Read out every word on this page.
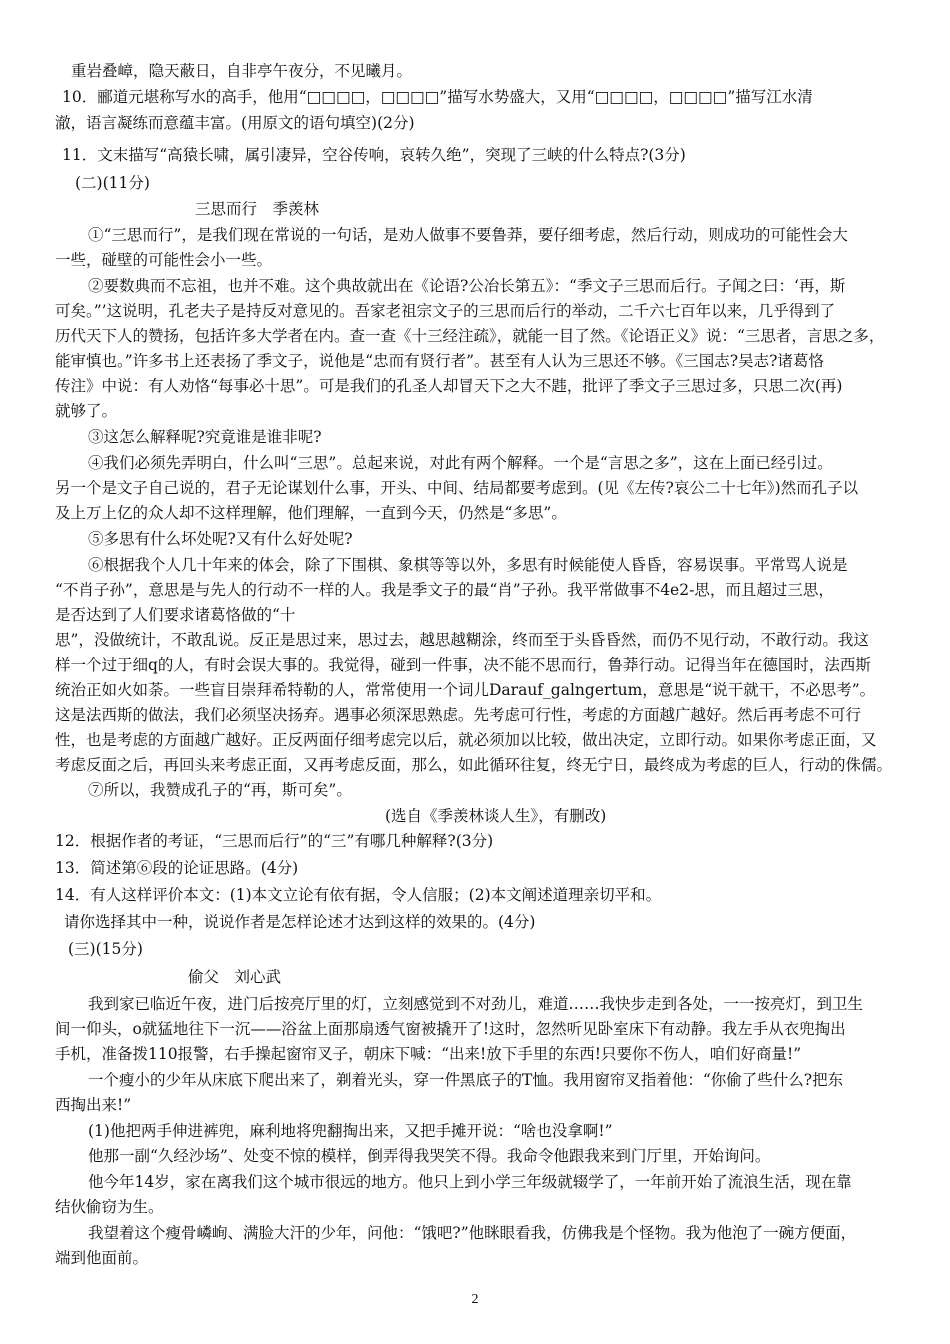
重岩叠嶂，隐天蔽日，自非亭午夜分，不见曦月。
10．郦道元堪称写水的高手，他用“□□□□，□□□□”描写水势盛大，又用“□□□□，□□□□”描写江水清
澈，语言凝练而意蕴丰富。(用原文的语句填空)(2分)
11．文末描写“高猿长啸，属引凄异，空谷传响，哀转久绝”，突现了三峡的什么特点?(3分)
(二)(11分)
三思而行　季羡林
①“三思而行”，是我们现在常说的一句话，是劝人做事不要鲁莽，要仔细考虑，然后行动，则成功的可能性会大
一些，碰壁的可能性会小一些。
②要数典而不忘祖，也并不难。这个典故就出在《论语?公冶长第五》：“季文子三思而后行。子闻之曰：‘再，斯
可矣。”’这说明，孔老夫子是持反对意见的。吾家老祖宗文子的三思而后行的举动，二千六七百年以来，几乎得到了
历代天下人的赞扬，包括许多大学者在内。查一查《十三经注疏》，就能一目了然。《论语正义》说：“三思者，言思之多，
能审慎也。”许多书上还表扬了季文子，说他是“忠而有贤行者”。甚至有人认为三思还不够。《三国志?吴志?诸葛恪
传注》中说：有人劝恪“每事必十思”。可是我们的孔圣人却冒天下之大不韪，批评了季文子三思过多，只思二次(再)
就够了。
③这怎么解释呢?究竟谁是谁非呢?
④我们必须先弄明白，什么叫“三思”。总起来说，对此有两个解释。一个是“言思之多”，这在上面已经引过。
另一个是文子自己说的，君子无论谋划什么事，开头、中间、结局都要考虑到。(见《左传?哀公二十七年》)然而孔子以
及上万上亿的众人却不这样理解，他们理解，一直到今天，仍然是“多思”。
⑤多思有什么坏处呢?又有什么好处呢?
⑥根据我个人几十年来的体会，除了下围棋、象棋等等以外，多思有时候能使人昏昏，容易误事。平常骂人说是
“不肖子孙”，意思是与先人的行动不一样的人。我是季文子的最“肖”子孙。我平常做事不4e2-思，而且超过三思，
是否达到了人们要求诸葛恪做的“十
思”，没做统计，不敢乱说。反正是思过来，思过去，越思越糊涂，终而至于头昏昏然，而仍不见行动，不敢行动。我这
样一个过于细q的人，有时会误大事的。我觉得，碰到一件事，决不能不思而行，鲁莽行动。记得当年在德国时，法西斯
统治正如火如荼。一些盲目崇拜希特勒的人，常常使用一个词儿Darauf_galngertum，意思是“说干就干，不必思考”。
这是法西斯的做法，我们必须坚决扬弃。遇事必须深思熟虑。先考虑可行性，考虑的方面越广越好。然后再考虑不可行
性，也是考虑的方面越广越好。正反两面仔细考虑完以后，就必须加以比较，做出决定，立即行动。如果你考虑正面，又
考虑反面之后，再回头来考虑正面，又再考虑反面，那么，如此循环往复，终无宁日，最终成为考虑的巨人，行动的侏儒。
⑦所以，我赞成孔子的“再，斯可矣”。
(选自《季羡林谈人生》，有删改)
12．根据作者的考证，“三思而后行”的“三”有哪几种解释?(3分)
13．简述第⑥段的论证思路。(4分)
14．有人这样评价本文：(1)本文立论有依有据，令人信服；(2)本文阐述道理亲切平和。
请你选择其中一种，说说作者是怎样论述才达到这样的效果的。(4分)
(三)(15分)
偷父　刘心武
我到家已临近午夜，进门后按亮厅里的灯，立刻感觉到不对劲儿，难道……我快步走到各处，一一按亮灯，到卫生
间一仰头，o就猛地往下一沉——浴盆上面那扇透气窗被撬开了!这时，忽然听见卧室床下有动静。我左手从衣兜掏出
手机，准备拨110报警，右手操起窗帘叉子，朝床下喊：“出来!放下手里的东西!只要你不伤人，咱们好商量!”
一个瘦小的少年从床底下爬出来了，剃着光头，穿一件黑底子的T恤。我用窗帘叉指着他：“你偷了些什么?把东
西掏出来!”
(1)他把两手伸进裤兜，麻利地将兜翻掏出来，又把手摊开说：“啥也没拿啊!”
他那一副“久经沙场”、处变不惊的模样，倒弄得我哭笑不得。我命令他跟我来到门厅里，开始询问。
他今年14岁，家在离我们这个城市很远的地方。他只上到小学三年级就辍学了，一年前开始了流浪生活，现在靠
结伙偷窃为生。
我望着这个瘦骨嶙峋、满脸大汗的少年，问他：“饿吧?”他眯眼看我，仿佛我是个怪物。我为他泡了一碗方便面，
端到他面前。
2
